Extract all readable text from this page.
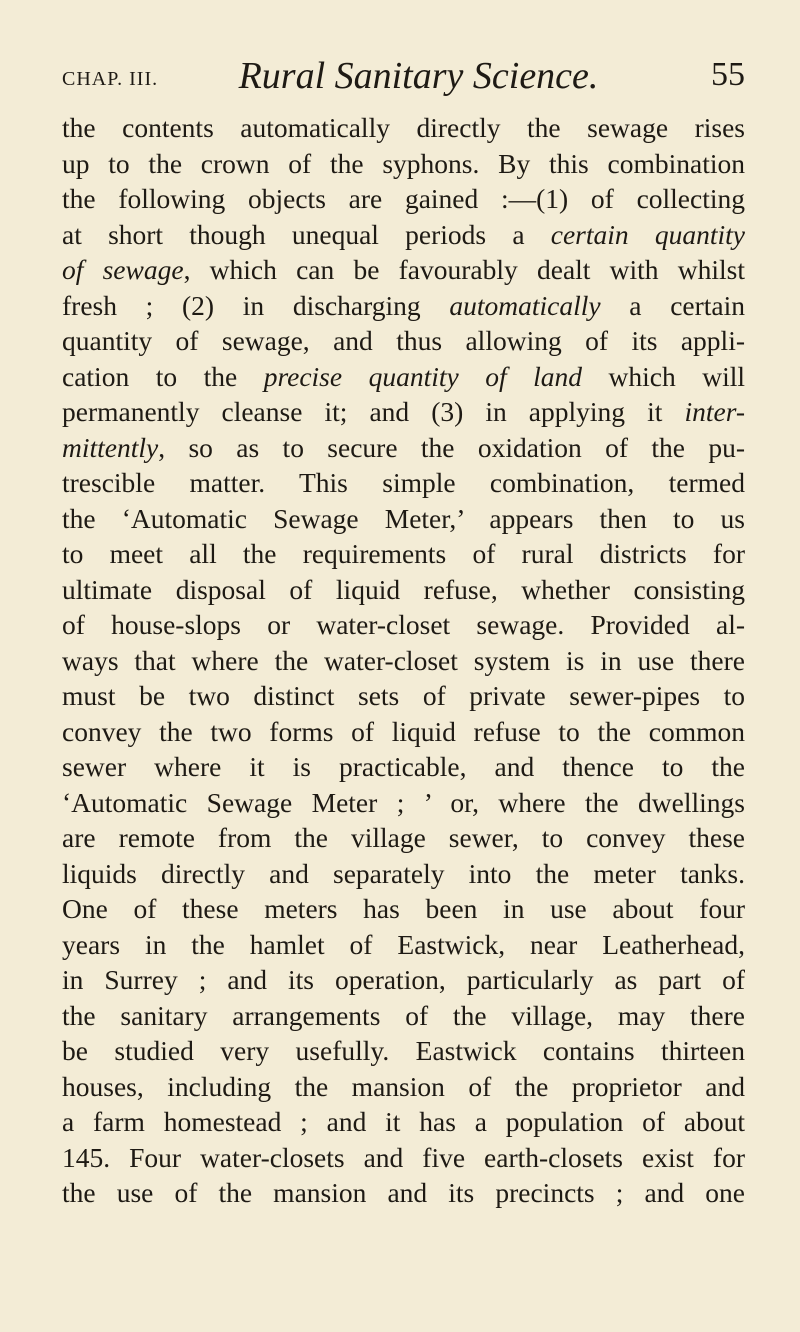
CHAP. III.	Rural Sanitary Science.	55
the contents automatically directly the sewage rises
up to the crown of the syphons. By this combination
the following objects are gained :—(1) of collecting
at short though unequal periods a certain quantity
of sewage, which can be favourably dealt with whilst
fresh ; (2) in discharging automatically a certain
quantity of sewage, and thus allowing of its appli-
cation to the precise quantity of land which will
permanently cleanse it; and (3) in applying it inter-
mittently, so as to secure the oxidation of the pu-
trescible matter. This simple combination, termed
the ‘Automatic Sewage Meter,’ appears then to us
to meet all the requirements of rural districts for
ultimate disposal of liquid refuse, whether consisting
of house-slops or water-closet sewage. Provided al-
ways that where the water-closet system is in use there
must be two distinct sets of private sewer-pipes to
convey the two forms of liquid refuse to the common
sewer where it is practicable, and thence to the
‘Automatic Sewage Meter ; ’ or, where the dwellings
are remote from the village sewer, to convey these
liquids directly and separately into the meter tanks.
One of these meters has been in use about four
years in the hamlet of Eastwick, near Leatherhead,
in Surrey ; and its operation, particularly as part of
the sanitary arrangements of the village, may there
be studied very usefully. Eastwick contains thirteen
houses, including the mansion of the proprietor and
a farm homestead ; and it has a population of about
145. Four water-closets and five earth-closets exist for
the use of the mansion and its precincts ; and one
